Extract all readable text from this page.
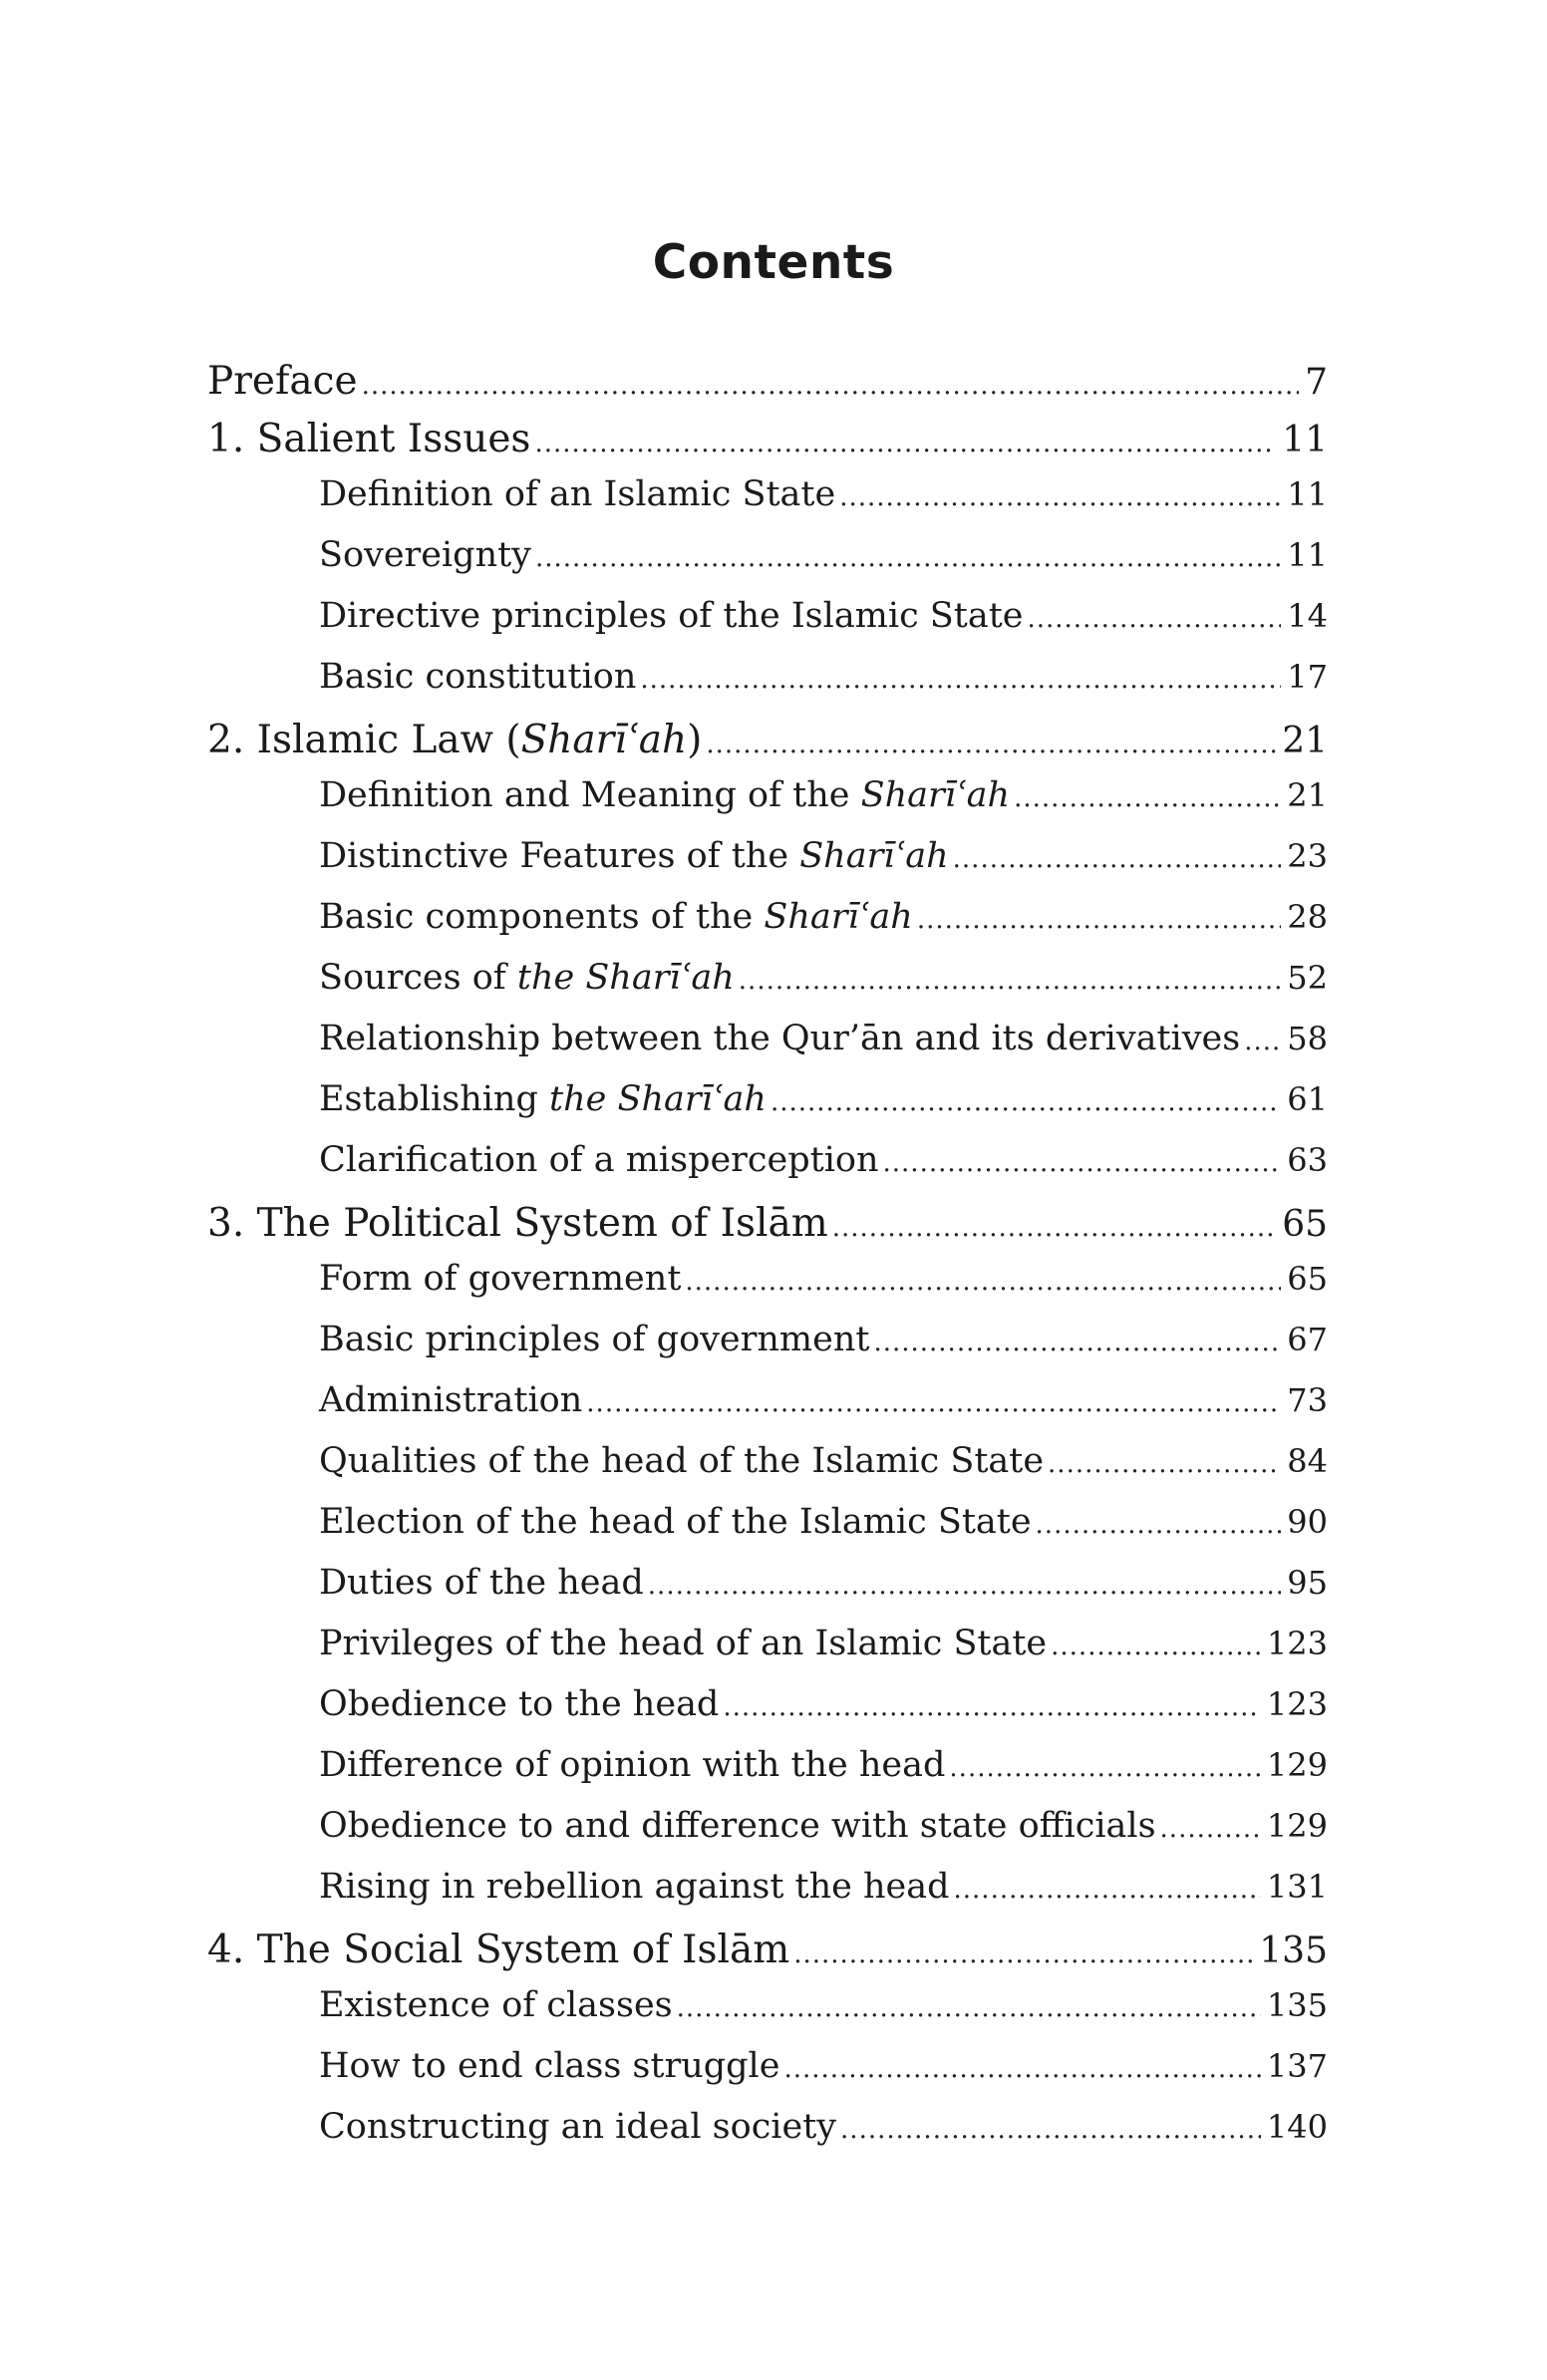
Contents
Preface .....	7
1. Salient Issues .....	11
Definition of an Islamic State .....	11
Sovereignty .....	11
Directive principles of the Islamic State .....	14
Basic constitution .....	17
2. Islamic Law (Sharīʿah) .....	21
Definition and Meaning of the Sharīʿah .....	21
Distinctive Features of the Sharīʿah .....	23
Basic components of the Sharīʿah .....	28
Sources of the Sharīʿah .....	52
Relationship between the Qur’ān and its derivatives ..... 58
Establishing the Sharīʿah .....	61
Clarification of a misperception .....	63
3. The Political System of Islām .....	65
Form of government .....	65
Basic principles of government .....	67
Administration .....	73
Qualities of the head of the Islamic State .....	84
Election of the head of the Islamic State .....	90
Duties of the head .....	95
Privileges of the head of an Islamic State .....	123
Obedience to the head .....	123
Difference of opinion with the head .....	129
Obedience to and difference with state officials .....	129
Rising in rebellion against the head .....	131
4. The Social System of Islām .....	135
Existence of classes .....	135
How to end class struggle .....	137
Constructing an ideal society .....	140
